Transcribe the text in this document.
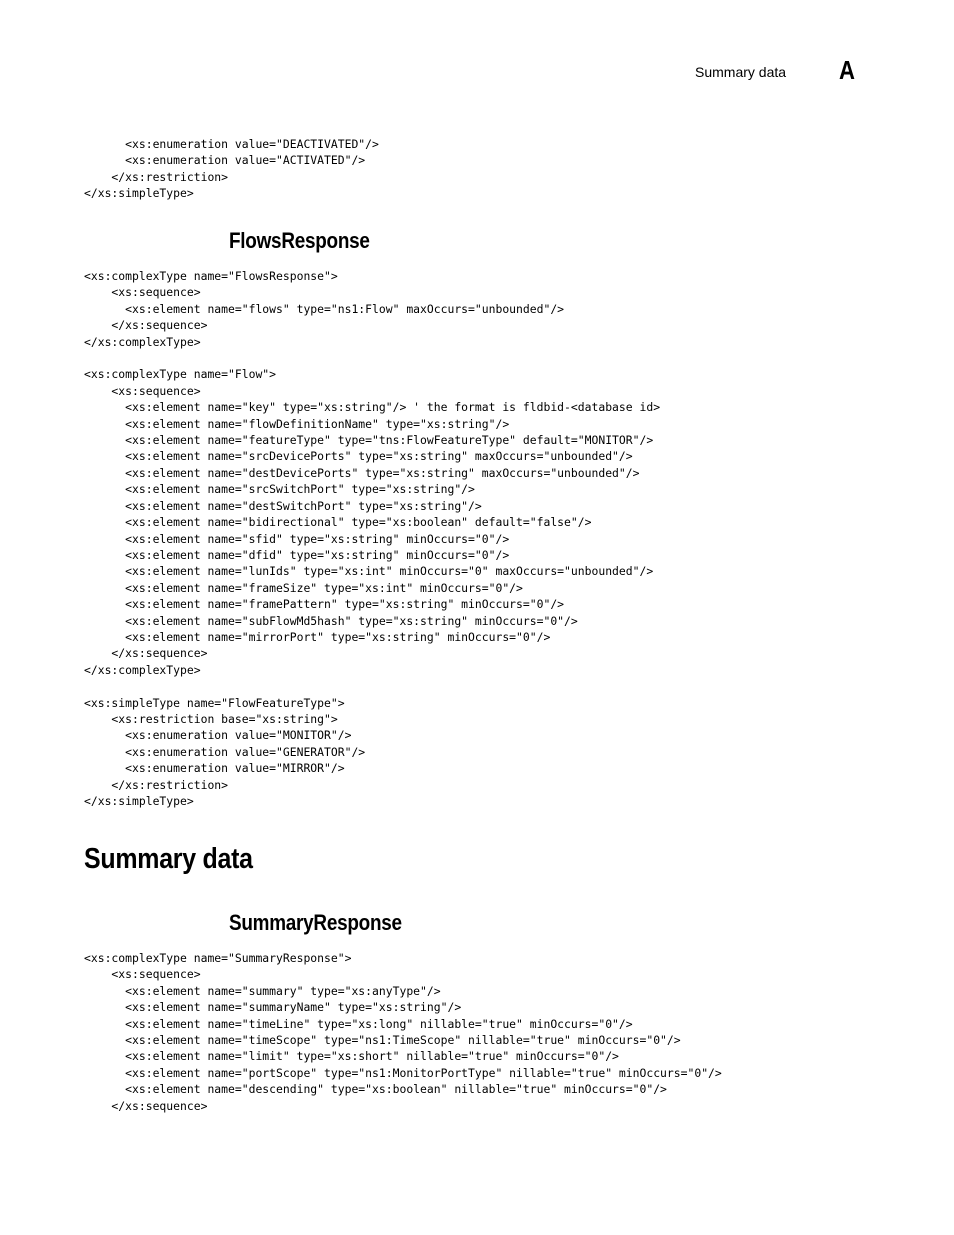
Summary data A
<xs:enumeration value="DEACTIVATED"/>
<xs:enumeration value="ACTIVATED"/>
</xs:restriction>
</xs:simpleType>
FlowsResponse
<xs:complexType name="FlowsResponse">
<xs:sequence>
<xs:element name="flows" type="ns1:Flow" maxOccurs="unbounded"/>
</xs:sequence>
</xs:complexType>

<xs:complexType name="Flow">
<xs:sequence>
<xs:element name="key" type="xs:string"/> ' the format is fldbid-<database id>
<xs:element name="flowDefinitionName" type="xs:string"/>
<xs:element name="featureType" type="tns:FlowFeatureType" default="MONITOR"/>
<xs:element name="srcDevicePorts" type="xs:string" maxOccurs="unbounded"/>
<xs:element name="destDevicePorts" type="xs:string" maxOccurs="unbounded"/>
<xs:element name="srcSwitchPort" type="xs:string"/>
<xs:element name="destSwitchPort" type="xs:string"/>
<xs:element name="bidirectional" type="xs:boolean" default="false"/>
<xs:element name="sfid" type="xs:string" minOccurs="0"/>
<xs:element name="dfid" type="xs:string" minOccurs="0"/>
<xs:element name="lunIds" type="xs:int" minOccurs="0" maxOccurs="unbounded"/>
<xs:element name="frameSize" type="xs:int" minOccurs="0"/>
<xs:element name="framePattern" type="xs:string" minOccurs="0"/>
<xs:element name="subFlowMd5hash" type="xs:string" minOccurs="0"/>
<xs:element name="mirrorPort" type="xs:string" minOccurs="0"/>
</xs:sequence>
</xs:complexType>

<xs:simpleType name="FlowFeatureType">
<xs:restriction base="xs:string">
<xs:enumeration value="MONITOR"/>
<xs:enumeration value="GENERATOR"/>
<xs:enumeration value="MIRROR"/>
</xs:restriction>
</xs:simpleType>
Summary data
SummaryResponse
<xs:complexType name="SummaryResponse">
<xs:sequence>
<xs:element name="summary" type="xs:anyType"/>
<xs:element name="summaryName" type="xs:string"/>
<xs:element name="timeLine" type="xs:long" nillable="true" minOccurs="0"/>
<xs:element name="timeScope" type="ns1:TimeScope" nillable="true" minOccurs="0"/>
<xs:element name="limit" type="xs:short" nillable="true" minOccurs="0"/>
<xs:element name="portScope" type="ns1:MonitorPortType" nillable="true" minOccurs="0"/>
<xs:element name="descending" type="xs:boolean" nillable="true" minOccurs="0"/>
</xs:sequence>
